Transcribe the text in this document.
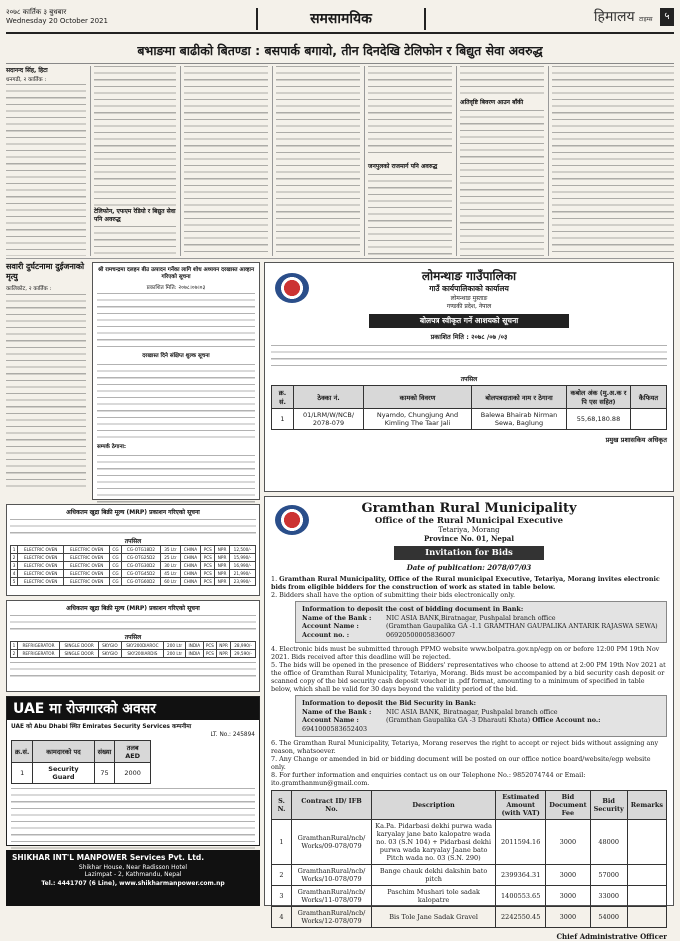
२०७८ कार्तिक ३ बुधबार
Wednesday 20 October 2021	समसामयिक	हिमालय टाइम्स ५
बभाङमा बाढीको बितण्डा : बसपार्क बगायो, तीन दिनदेखि टेलिफोन र बिद्युत सेवा अवरुद्ध
सदानन्द सिंह, हिटा
धनगढी, २ कार्तिक :
टेलिफोन, एफएम रेडियो र बिद्युत सेवा पनि अवरुद्ध
जनपुलको राजमार्ग पनि अवरुद्ध
अतिवृष्टि बिवरण आउन बाँकी
सवारी दुर्घटनामा दुईजनाको मृत्यु
कालिकोट, २ कार्तिक :
श्री रामचन्द्रमा दलहन बीउ उत्पादन गर्नेका लागि शोध अध्ययन दरखास्त आव्हान गरिएको सूचना
प्रकाशित मिति: २०७८।०७।०३
दरखास्त दिने संक्षिप्त शुल्क सूचना
सम्पर्क ठेगाना:
अधिकतम खुद्रा बिक्री मूल्य (MRP) प्रकाशन गरिएको सूचना
तपसिल
1	ELECTRIC OVEN	ELECTRIC OVEN	CG	CG-OTG18D2	35 Ltr	CHINA	PCS	NPR	12,500/-
2	ELECTRIC OVEN	ELECTRIC OVEN	CG	CG-OTG25D2	25 Ltr	CHINA	PCS	NPR	15,990/-
3	ELECTRIC OVEN	ELECTRIC OVEN	CG	CG-OTG30D2	30 Ltr	CHINA	PCS	NPR	16,990/-
4	ELECTRIC OVEN	ELECTRIC OVEN	CG	CG-OTG45D2	45 Ltr	CHINA	PCS	NPR	21,990/-
5	ELECTRIC OVEN	ELECTRIC OVEN	CG	CG-OTG60D2	60 Ltr	CHINA	PCS	NPR	23,990/-
अधिकतम खुद्रा बिक्री मूल्य (MRP) प्रकाशन गरिएको सूचना
तपसिल
1	REFRIGERATOR	SINGLE DOOR	SKYGIO	SKY200DIAROC	200 Ltr	INDIA	PCS	NPR	28,990/-
2	REFRIGERATOR	SINGLE DOOR	SKYGIO	SKY200IARDIS	200 Ltr	INDIA	PCS	NPR	29,590/-
UAE मा रोजगारको अवसर
UAE को Abu Dhabi स्थित Emirates Security Services कम्पनीमा
LT. No.: 245894
क्र.सं.	कामदारको पद	संख्या	तलब AED
1	Security Guard	75	2000
SHIKHAR INT'L MANPOWER Services Pvt. Ltd.
Shikhar House, Near Radisson Hotel
Lazimpat - 2, Kathmandu, Nepal
Tel.: 4441707 (6 Line), www.shikharmanpower.com.np
लोमन्थाङ गाउँपालिका
गाउँ कार्यपालिकाको कार्यालय
लोमन्थाङ मुस्ताङ
गण्डकी प्रदेश, नेपाल
बोलपत्र स्वीकृत गर्ने आशयको सूचना
प्रकाशित मिति : २०७८ /०७ /०३
तपसिल
क्र. सं.	ठेक्का नं.	कामको विवरण	बोलपत्रदाताको नाम र ठेगाना	कबोल अंक (मु.अ.क र पि एस सहित)	कैफियत
1	01/LRM/W/NCB/ 2078-079	Nyamdo, Chungjung And Kimling The Taar Jali	Balewa Bhairab Nirman Sewa, Baglung	55,68,180.88	
प्रमुख प्रशासकिय अधिकृत
Gramthan Rural Municipality
Office of the Rural Municipal Executive
Tetariya, Morang
Province No. 01, Nepal
Invitation for Bids
Date of publication: 2078/07/03
1. Gramthan Rural Municipality, Office of the Rural municipal Executive, Tetariya, Morang invites electronic bids from eligible bidders for the construction of work as stated in table below.
2. Bidders shall have the option of submitting their bids electronically only.
Information to deposit the cost of bidding document in Bank:
Name of the Bank : NIC ASIA BANK,Biratnagar, Pushpalal branch office
Account Name :	(Gramthan Gaupalika GA -1.1 GRAMTHAN GAUPALIKA ANTARIK RAJASWA SEWA)
Account no. :	06920500005836007
4. Electronic bids must be submitted through PPMO website www.bolpatra.gov.np/egp on or before 12:00 PM 19th Nov 2021. Bids received after this deadline will be rejected.
5. The bids will be opened in the presence of Bidders' representatives who choose to attend at 2:00 PM 19th Nov 2021 at the office of Gramthan Rural Municipality, Tetariya, Morang. Bids must be accompanied by a bid security cash deposit or scanned copy of the bid security cash deposit voucher in .pdf format, amounting to a minimum of specified in table below, which shall be valid for 30 days beyond the validity period of the bid.
Information to deposit the Bid Security in Bank:
Name of the Bank : NIC ASIA BANK, Biratnagar, Pushpalal branch office
Account Name :	(Gramthan Gaupalika GA -3 Dharauti Khata) Office Account no.: 6941000583652403
6. The Gramthan Rural Municipality, Tetariya, Morang reserves the right to accept or reject bids without assigning any reason, whatsoever.
7. Any Change or amended in bid or bidding document will be posted on our office notice board/website/egp website only.
8. For further information and enquiries contact us on our Telephone No.: 9852074744 or Email: ito.gramthanmun@gmail.com.
S. N.	Contract ID/ IFB No.	Description	Estimated Amount (with VAT)	Bid Document Fee	Bid Security	Remarks
1	GramthanRural/ncb/ Works/09-078/079	Ka.Pa. Pidarbasi dekhi purwa wada karyalay jane bato kalopatre wada no. 03 (S.N 104) + Pidarbasi dekhi purwa wada karyalay Jaane bato Pitch wada no. 03 (S.N. 290)	2011594.16	3000	48000	
2	GramthanRural/ncb/ Works/10-078/079	Bange chauk dekhi dakshin bato pitch	2399364.31	3000	57000	
3	GramthanRural/ncb/ Works/11-078/079	Paschim Mushari tole sadak kalopatre	1400553.65	3000	33000	
4	GramthanRural/ncb/ Works/12-078/079	Bis Tole Jane Sadak Gravel	2242550.45	3000	54000	
Chief Administrative Officer
